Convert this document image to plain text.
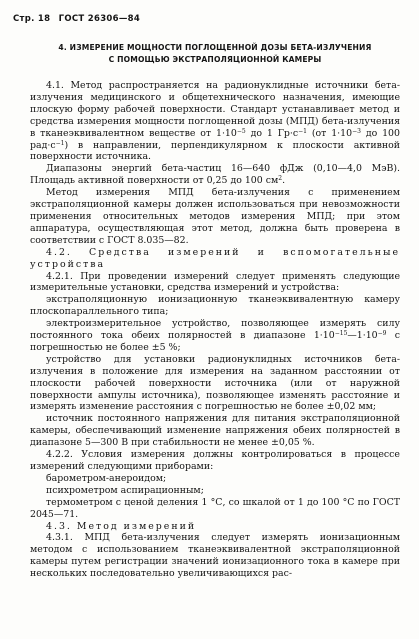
Стр. 18 ГОСТ 26306—84
4. ИЗМЕРЕНИЕ МОЩНОСТИ ПОГЛОЩЕННОЙ ДОЗЫ БЕТА-ИЗЛУЧЕНИЯ
С ПОМОЩЬЮ ЭКСТРАПОЛЯЦИОННОЙ КАМЕРЫ

4.1. Метод распространяется на радионуклидные источники бета-излучения медицинского и общетехнического назначения, имеющие плоскую форму рабочей поверхности. Стандарт устанавливает метод и средства измерения мощности поглощенной дозы (МПД) бета-излучения в тканеэквивалентном веществе от $1\cdot 10^{-5}$ до 1 $Гр\cdot с^{-1}$ (от $1\cdot 10^{-3}$ до 100 $рад\cdot с^{-1}$) в направлении, перпендикулярном к плоскости активной поверхности источника.

Диапазоны энергий бета-частиц 16—640 фДж (0,10—4,0 МэВ). Площадь активной поверхности от 0,25 до 100 $см^2$.

Метод измерения МПД бета-излучения с применением экстраполяционной камеры должен использоваться при невозможности применения относительных методов измерения МПД; при этом аппаратура, осуществляющая этот метод, должна быть проверена в соответствии с ГОСТ 8.035—82.

4.2. Средства измерений и вспомогательные устройства

4.2.1. При проведении измерений следует применять следующие измерительные установки, средства измерений и устройства:

экстраполяционную ионизационную тканеэквивалентную камеру плоскопараллельного типа;

электроизмерительное устройство, позволяющее измерять силу постоянного тока обеих полярностей в диапазоне $1\cdot 10^{-15}—1\cdot 10^{-9}$ с погрешностью не более ±5 %;

устройство для установки радионуклидных источников бета-излучения в положение для измерения на заданном расстоянии от плоскости рабочей поверхности источника (или от наружной поверхности ампулы источника), позволяющее изменять расстояние и измерять изменение расстояния с погрешностью не более ±0,02 мм;

источник постоянного напряжения для питания экстраполяционной камеры, обеспечивающий изменение напряжения обеих полярностей в диапазоне 5—300 В при стабильности не менее ±0,05 %.

4.2.2. Условия измерения должны контролироваться в процессе измерений следующими приборами:

барометром-анероидом;

психрометром аспирационным;

термометром с ценой деления 1 °С, со шкалой от 1 до 100 °С по ГОСТ 2045—71.

4.3. Метод измерений

4.3.1. МПД бета-излучения следует измерять ионизационным методом с использованием тканеэквивалентной экстраполяционной камеры путем регистрации значений ионизационного тока в камере при нескольких последовательно увеличивающихся рас-
